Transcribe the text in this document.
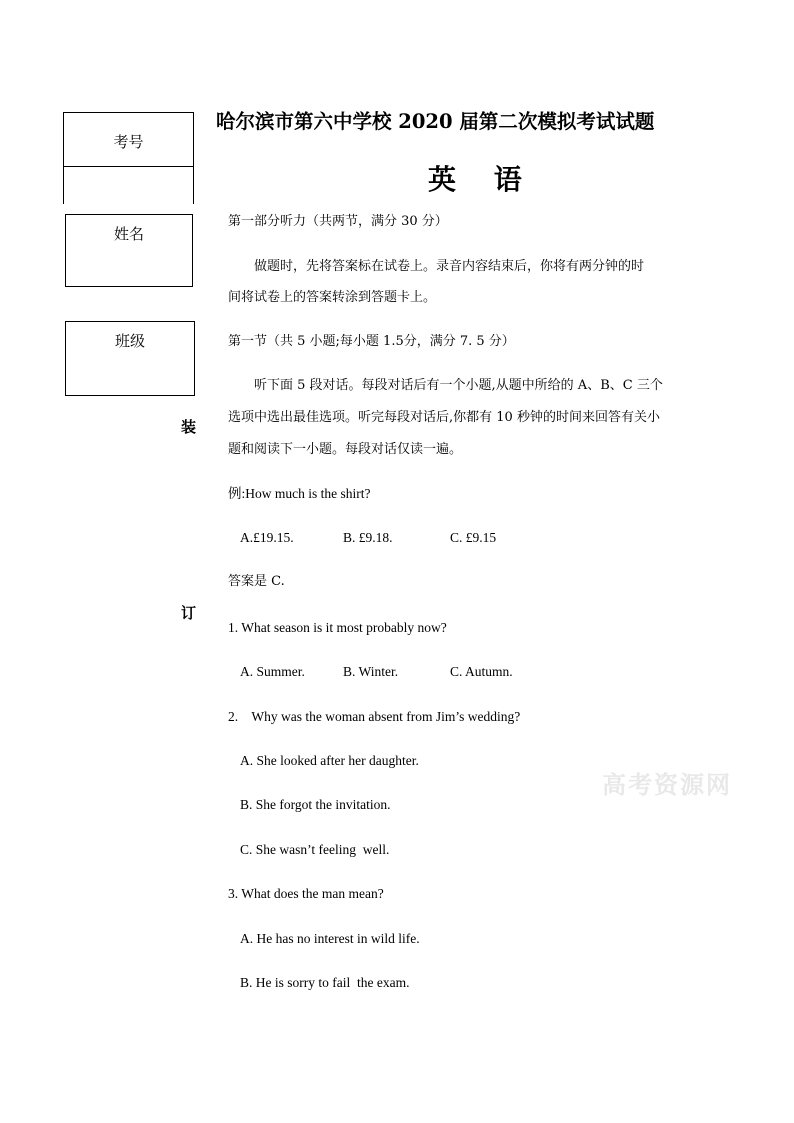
哈尔滨市第六中学校 2020 届第二次模拟考试试题
英 语
考号
姓名
班级
装
订
第一部分听力（共两节，满分 30 分）
做题时，先将答案标在试卷上。录音内容结束后，你将有两分钟的时
间将试卷上的答案转涂到答题卡上。
第一节（共 5 小题;每小题 1.5分，满分 7. 5 分）
听下面 5 段对话。每段对话后有一个小题,从题中所给的 A、B、C 三个
选项中选出最佳选项。听完每段对话后,你都有 10 秒钟的时间来回答有关小
题和阅读下一小题。每段对话仅读一遍。
例:How much is the shirt?
A.£19.15.	B. £9.18.	C. £9.15
答案是 C.
1. What season is it most probably now?
A. Summer.	B. Winter.	C. Autumn.
2.    Why was the woman absent from Jim’s wedding?
A. She looked after her daughter.
B. She forgot the invitation.
C. She wasn’t feeling  well.
3. What does the man mean?
A. He has no interest in wild life.
B. He is sorry to fail  the exam.
高考资源网
